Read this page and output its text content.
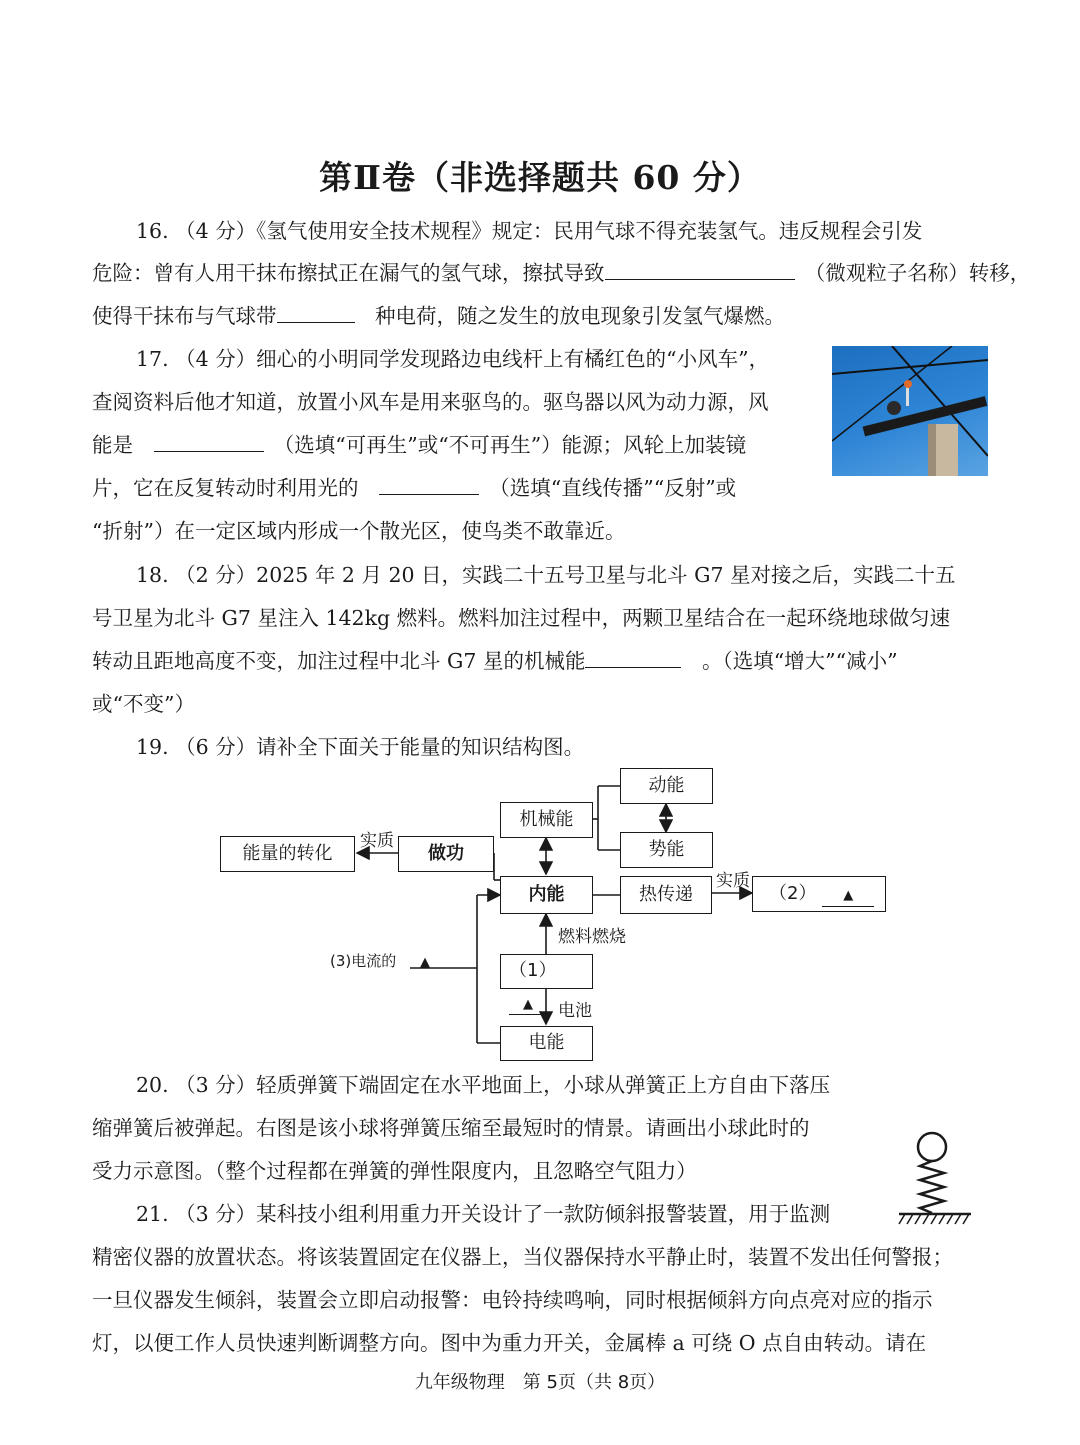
第Ⅱ卷（非选择题共 60 分）
16. （4 分）《氢气使用安全技术规程》规定：民用气球不得充装氢气。违反规程会引发
危险：曾有人用干抹布擦拭正在漏气的氢气球，擦拭导致　	（微观粒子名称）转移，
使得干抹布与气球带　	种电荷，随之发生的放电现象引发氢气爆燃。
17. （4 分）细心的小明同学发现路边电线杆上有橘红色的“小风车”，
查阅资料后他才知道，放置小风车是用来驱鸟的。驱鸟器以风为动力源，风
能是　　	（选填“可再生”或“不可再生”）能源；风轮上加装镜
片，它在反复转动时利用光的　　	（选填“直线传播”“反射”或
“折射”）在一定区域内形成一个散光区，使鸟类不敢靠近。
18. （2 分）2025 年 2 月 20 日，实践二十五号卫星与北斗 G7 星对接之后，实践二十五
号卫星为北斗 G7 星注入 142kg 燃料。燃料加注过程中，两颗卫星结合在一起环绕地球做匀速
转动且距地高度不变，加注过程中北斗 G7 星的机械能　	。（选填“增大”“减小”
或“不变”）
19. （6 分）请补全下面关于能量的知识结构图。
能量的转化	做功
实质
机械能
动能
势能
内能	热传递
实质
（2） ▲
燃料燃烧
（1） ▲	电池
电能
(3)电流的 ▲
20. （3 分）轻质弹簧下端固定在水平地面上，小球从弹簧正上方自由下落压
缩弹簧后被弹起。右图是该小球将弹簧压缩至最短时的情景。请画出小球此时的
受力示意图。（整个过程都在弹簧的弹性限度内，且忽略空气阻力）
21. （3 分）某科技小组利用重力开关设计了一款防倾斜报警装置，用于监测
精密仪器的放置状态。将该装置固定在仪器上，当仪器保持水平静止时，装置不发出任何警报；
一旦仪器发生倾斜，装置会立即启动报警：电铃持续鸣响，同时根据倾斜方向点亮对应的指示
灯，以便工作人员快速判断调整方向。图中为重力开关，金属棒 a 可绕 O 点自由转动。请在
九年级物理　第 5页（共 8页）
